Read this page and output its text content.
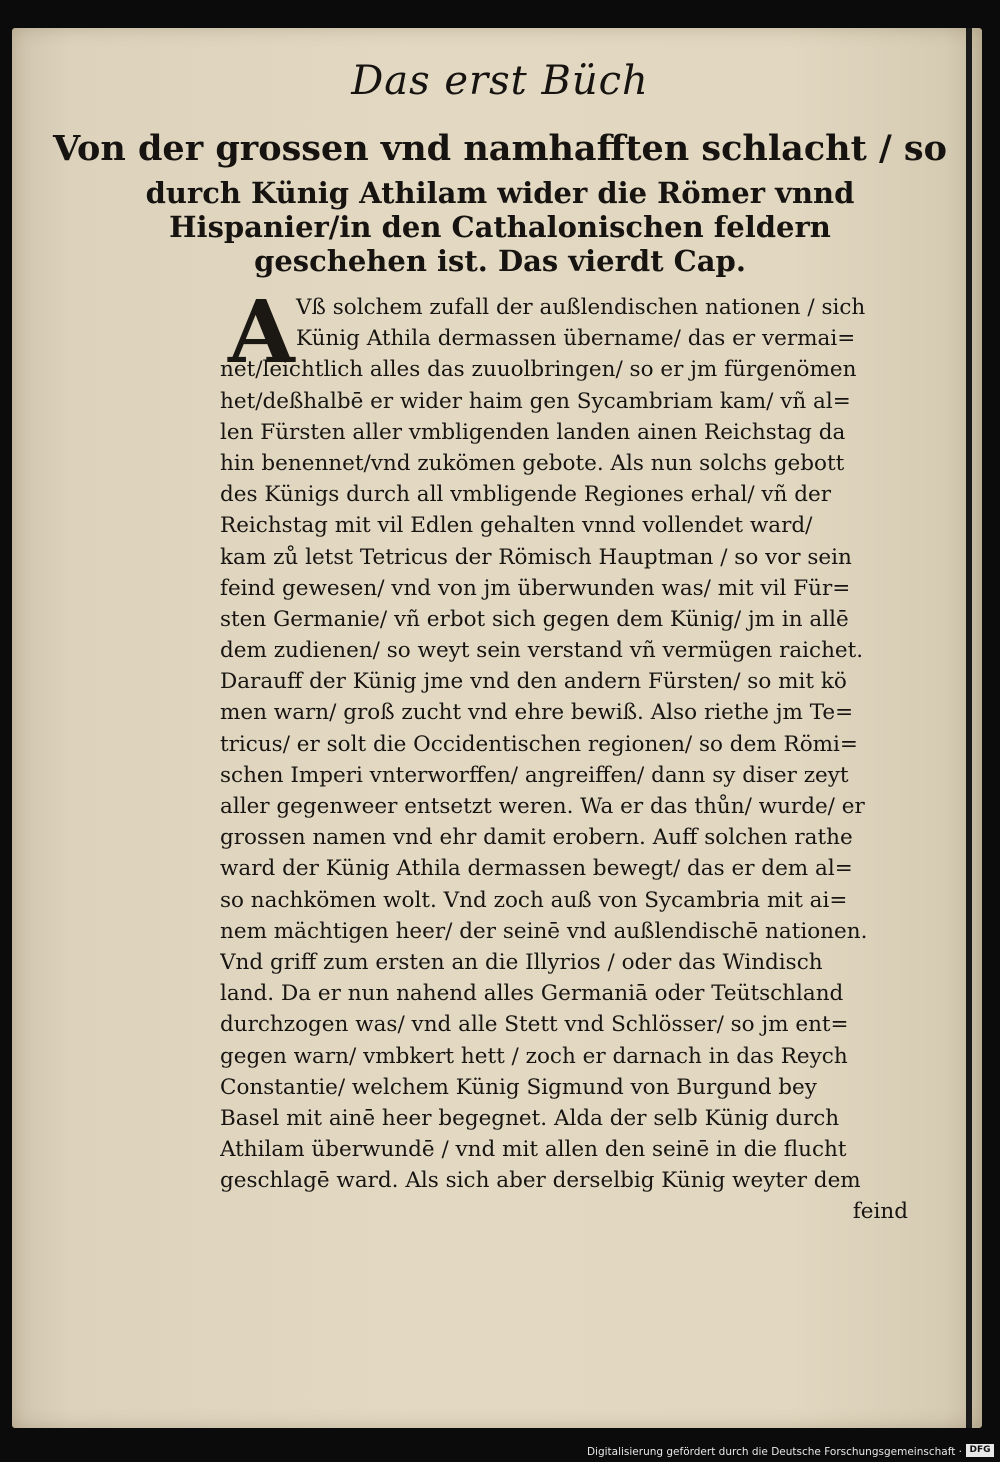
Das erst Büch
Von der grossen vnd namhafften schlacht / so
durch Künig Athilam wider die Römer vnnd
Hispanier/in den Cathalonischen feldern
geschehen ist. Das vierdt Cap.
A Vß solchem zufall der außlendischen nationen / sich
Künig Athila dermassen übername/ das er vermai=
net/leichtlich alles das zuuolbringen/ so er jm fürgenömen
het/deßhalbē er wider haim gen Sycambriam kam/ vñ al=
len Fürsten aller vmbligenden landen ainen Reichstag da
hin benennet/vnd zukömen gebote. Als nun solchs gebott
des Künigs durch all vmbligende Regiones erhal/ vñ der
Reichstag mit vil Edlen gehalten vnnd vollendet ward/
kam zů letst Tetricus der Römisch Hauptman / so vor sein
feind gewesen/ vnd von jm überwunden was/ mit vil Für=
sten Germanie/ vñ erbot sich gegen dem Künig/ jm in allē
dem zudienen/ so weyt sein verstand vñ vermügen raichet.
Darauff der Künig jme vnd den andern Fürsten/ so mit kö
men warn/ groß zucht vnd ehre bewiß. Also riethe jm Te=
tricus/ er solt die Occidentischen regionen/ so dem Römi=
schen Imperi vnterworffen/ angreiffen/ dann sy diser zeyt
aller gegenweer entsetzt weren. Wa er das thůn/ wurde/ er
grossen namen vnd ehr damit erobern. Auff solchen rathe
ward der Künig Athila dermassen bewegt/ das er dem al=
so nachkömen wolt. Vnd zoch auß von Sycambria mit ai=
nem mächtigen heer/ der seinē vnd außlendischē nationen.
Vnd griff zum ersten an die Illyrios / oder das Windisch
land. Da er nun nahend alles Germaniā oder Teütschland
durchzogen was/ vnd alle Stett vnd Schlösser/ so jm ent=
gegen warn/ vmbkert hett / zoch er darnach in das Reych
Constantie/ welchem Künig Sigmund von Burgund bey
Basel mit ainē heer begegnet. Alda der selb Künig durch
Athilam überwundē / vnd mit allen den seinē in die flucht
geschlagē ward. Als sich aber derselbig Künig weyter dem
feind
Digitalisierung gefördert durch die Deutsche Forschungsgemeinschaft · DFG
